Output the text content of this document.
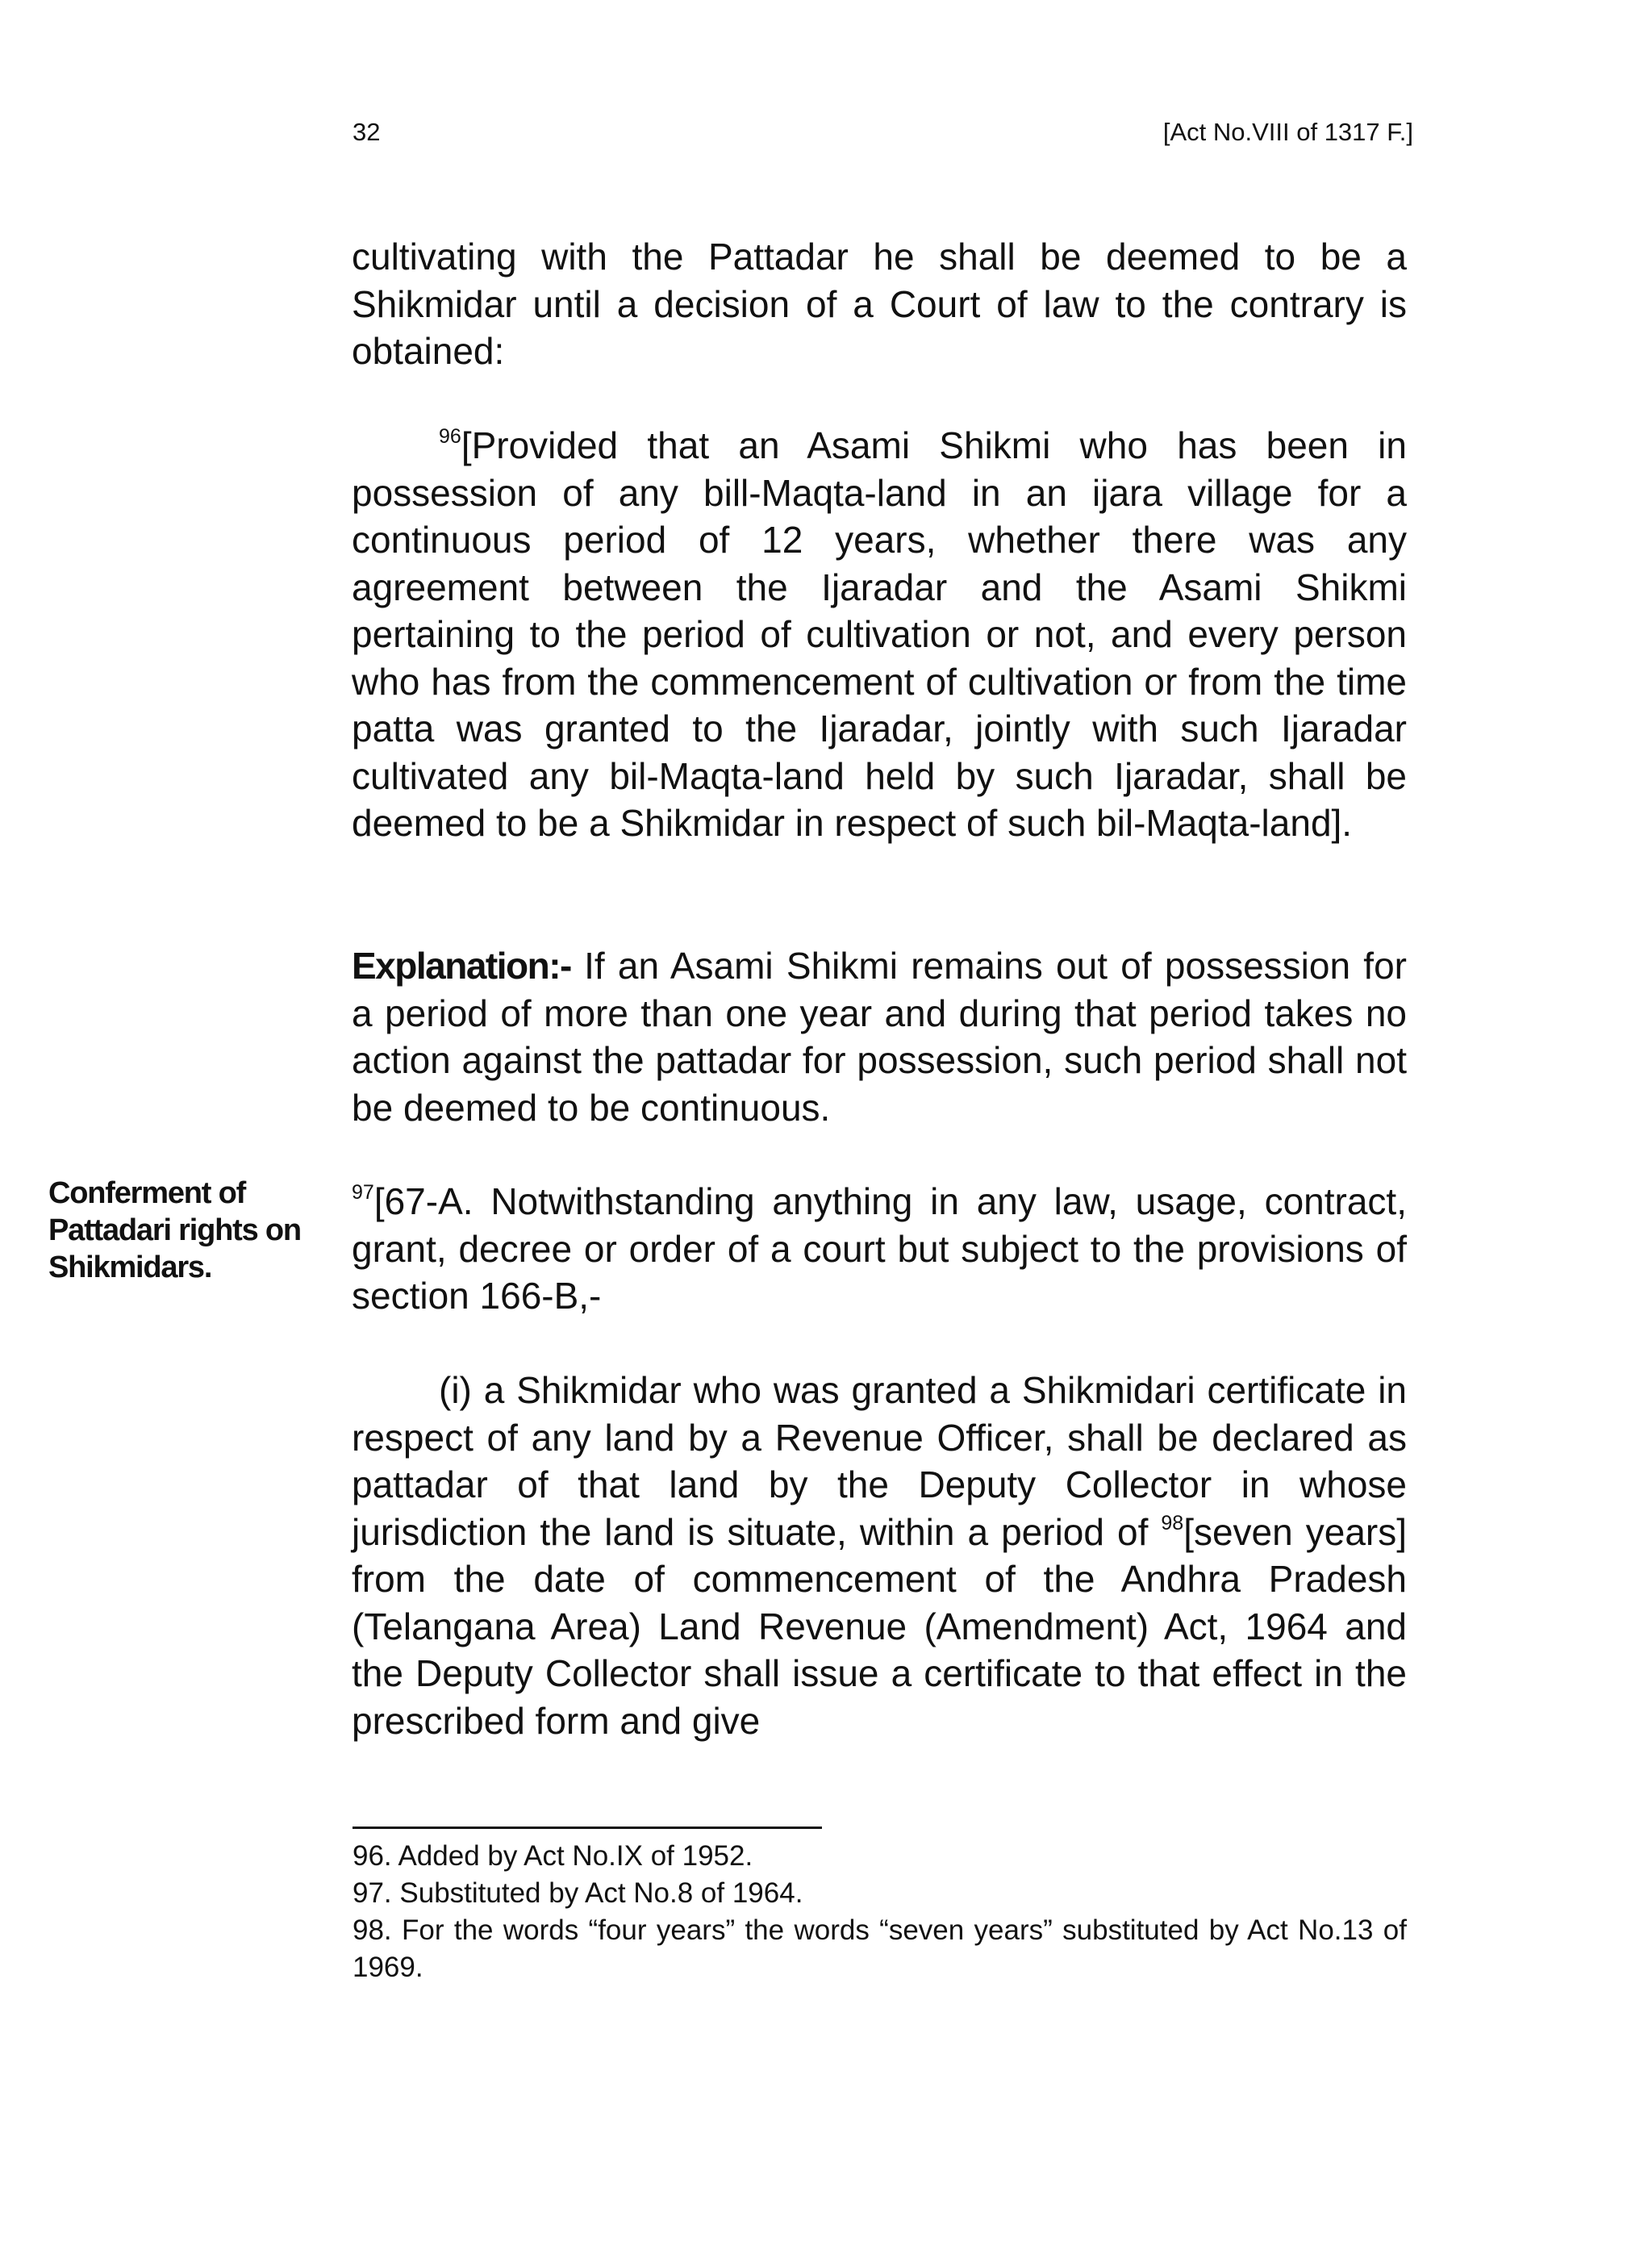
32	[Act No.VIII of 1317 F.]
cultivating with the Pattadar he shall be deemed to be a Shikmidar until a decision of a Court of law to the contrary is obtained:
$^{96}$[Provided that an Asami Shikmi who has been in possession of any bill-Maqta-land in an ijara village for a continuous period of 12 years, whether there was any agreement between the Ijaradar and the Asami Shikmi pertaining to the period of cultivation or not, and every person who has from the commencement of cultivation or from the time patta was granted to the Ijaradar, jointly with such Ijaradar cultivated any bil-Maqta-land held by such Ijaradar, shall be deemed to be a Shikmidar in respect of such bil-Maqta-land].
Explanation:- If an Asami Shikmi remains out of possession for a period of more than one year and during that period takes no action against the pattadar for possession, such period shall not be deemed to be continuous.
Conferment of Pattadari rights on Shikmidars.
$^{97}$[67-A. Notwithstanding anything in any law, usage, contract, grant, decree or order of a court but subject to the provisions of section 166-B,-
(i) a Shikmidar who was granted a Shikmidari certificate in respect of any land by a Revenue Officer, shall be declared as pattadar of that land by the Deputy Collector in whose jurisdiction the land is situate, within a period of $^{98}$[seven years] from the date of commencement of the Andhra Pradesh (Telangana Area) Land Revenue (Amendment) Act, 1964 and the Deputy Collector shall issue a certificate to that effect in the prescribed form and give
96. Added by Act No.IX of 1952.
97. Substituted by Act No.8 of 1964.
98. For the words “four years” the words “seven years” substituted by Act No.13 of 1969.
